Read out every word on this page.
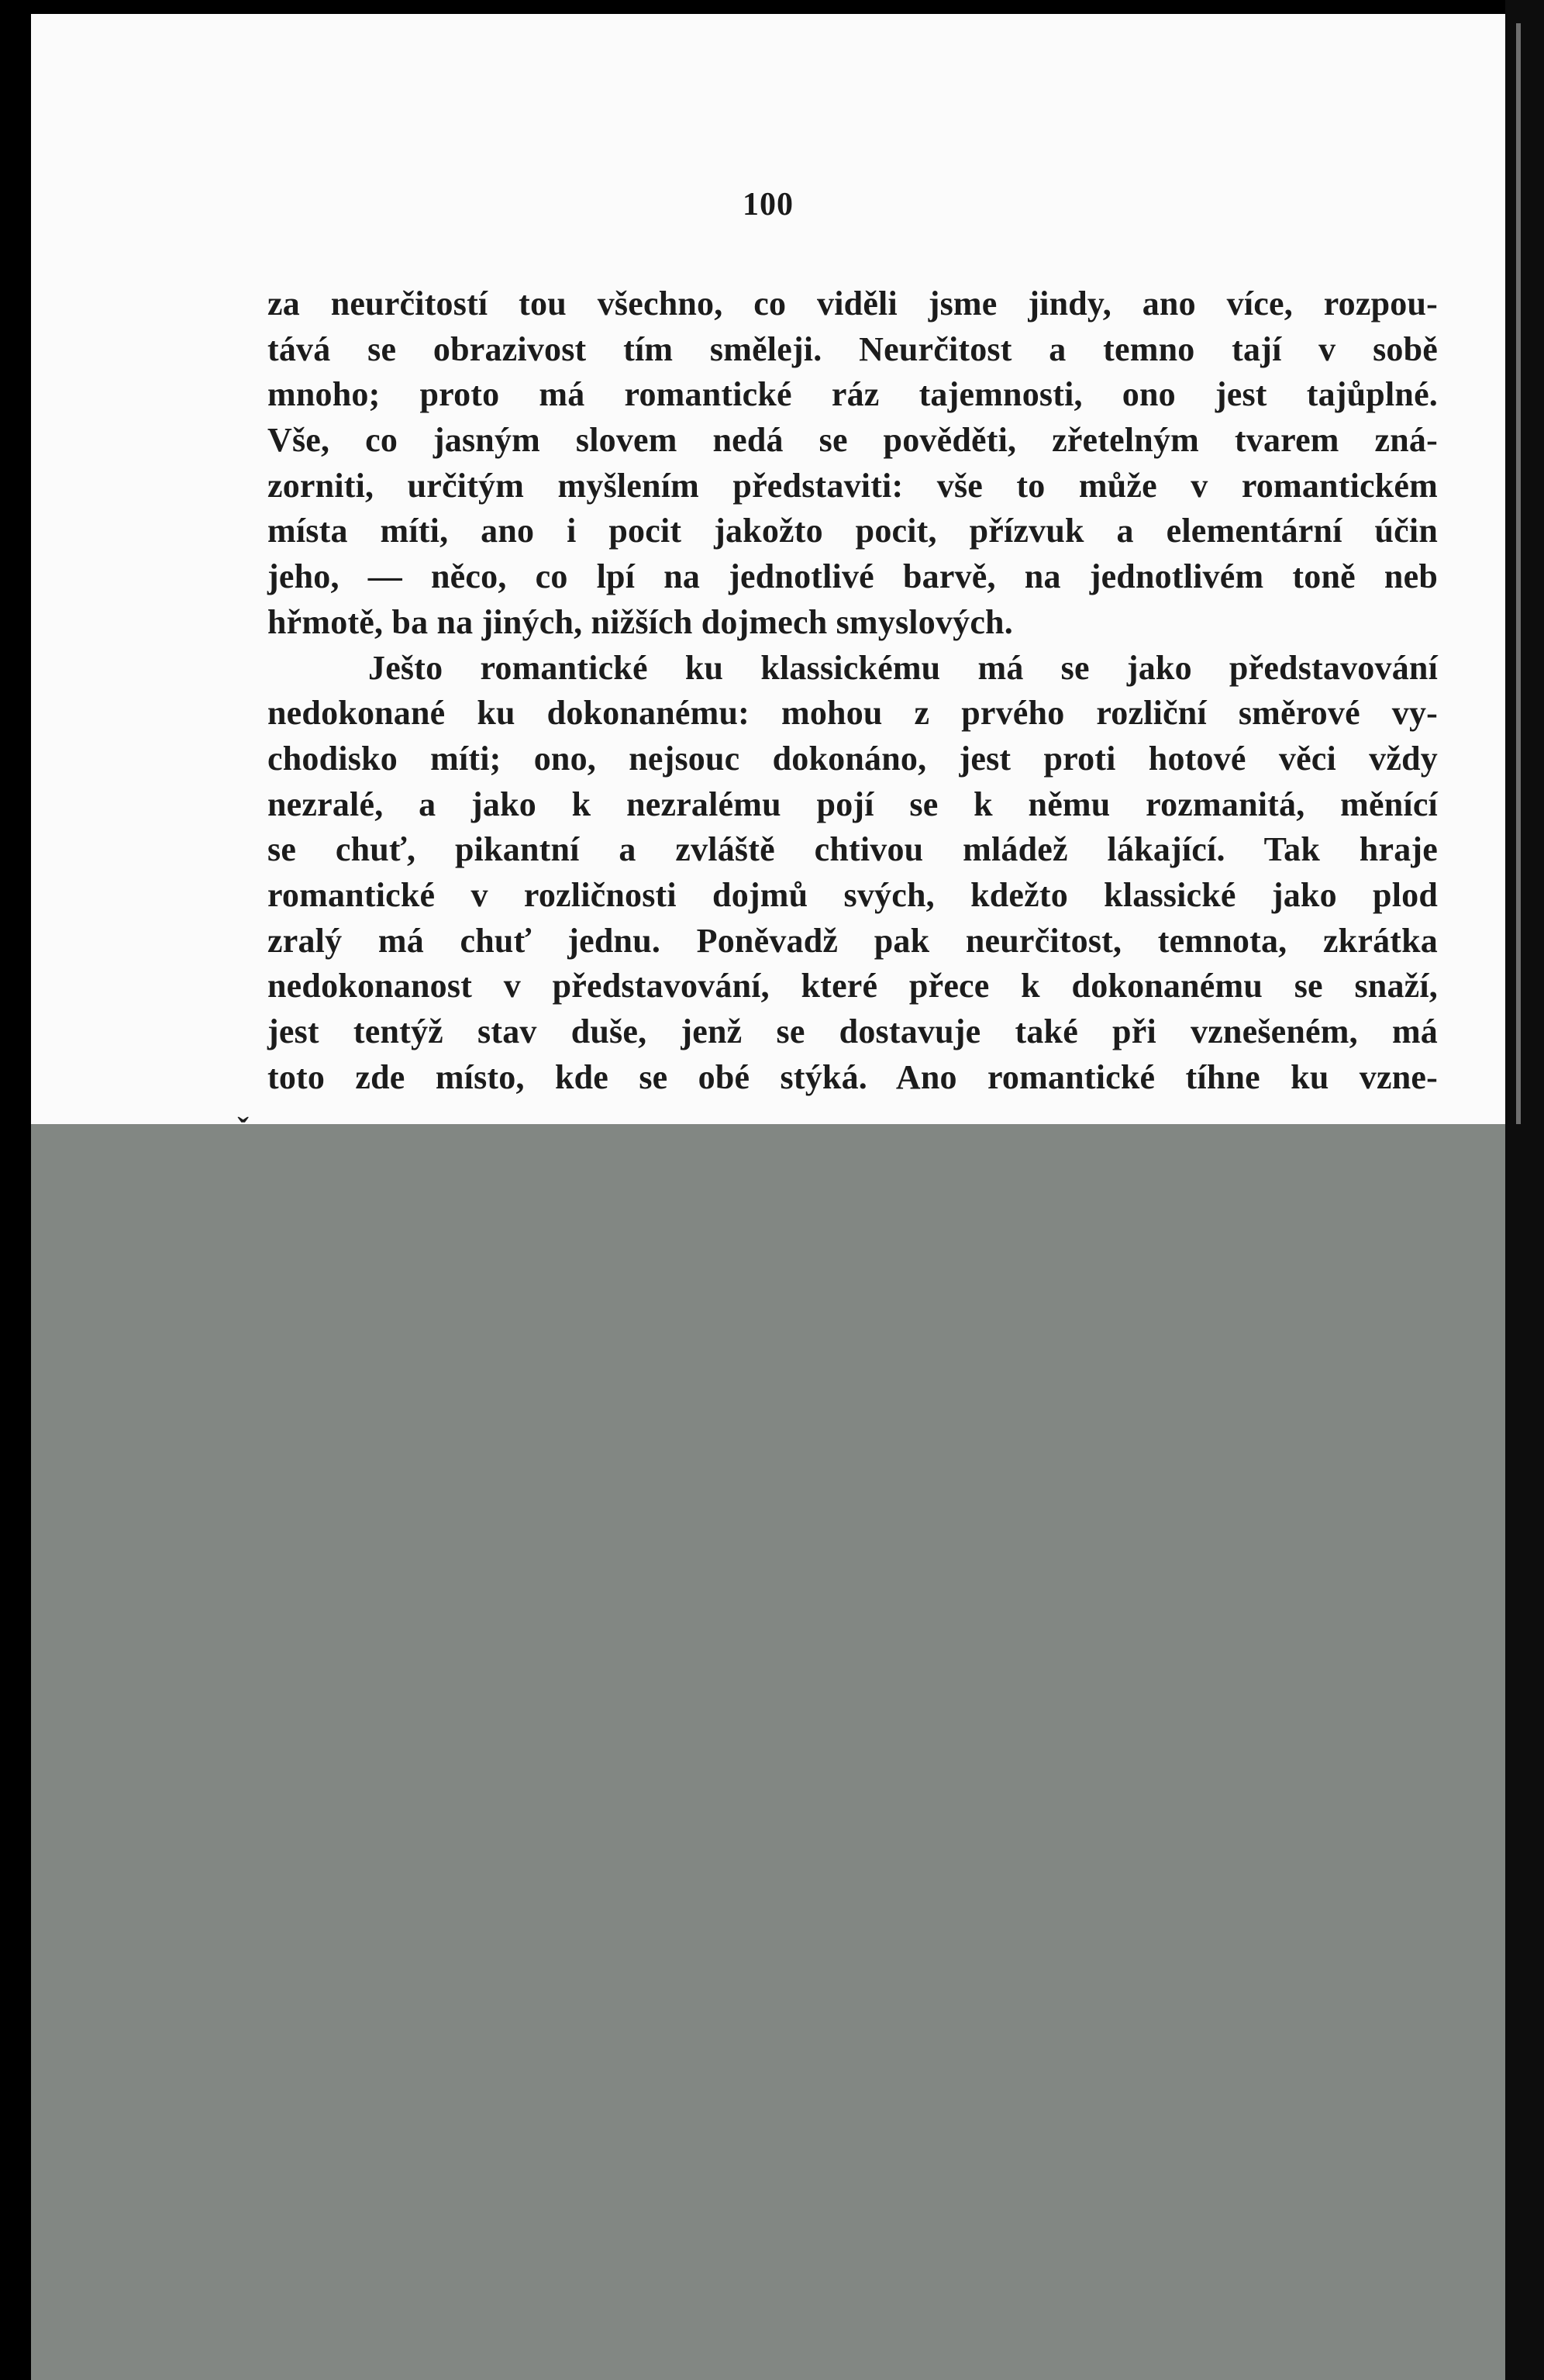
100
za neurčitostí tou všechno, co viděli jsme jindy, ano více, rozpou-
tává se obrazivost tím směleji. Neurčitost a temno tají v sobě
mnoho; proto má romantické ráz tajemnosti, ono jest tajůplné.
Vše, co jasným slovem nedá se pověděti, zřetelným tvarem zná-
zorniti, určitým myšlením představiti: vše to může v romantickém
místa míti, ano i pocit jakožto pocit, přízvuk a elementární účin
jeho, — něco, co lpí na jednotlivé barvě, na jednotlivém toně neb
hřmotě, ba na jiných, nižších dojmech smyslových.
Ješto romantické ku klassickému má se jako představování
nedokonané ku dokonanému: mohou z prvého rozliční směrové vy-
chodisko míti; ono, nejsouc dokonáno, jest proti hotové věci vždy
nezralé, a jako k nezralému pojí se k němu rozmanitá, měnící
se chuť, pikantní a zvláště chtivou mládež lákající. Tak hraje
romantické v rozličnosti dojmů svých, kdežto klassické jako plod
zralý má chuť jednu. Poněvadž pak neurčitost, temnota, zkrátka
nedokonanost v představování, které přece k dokonanému se snaží,
jest tentýž stav duše, jenž se dostavuje také při vznešeném, má
toto zde místo, kde se obé stýká. Ano romantické tíhne ku vzne-
